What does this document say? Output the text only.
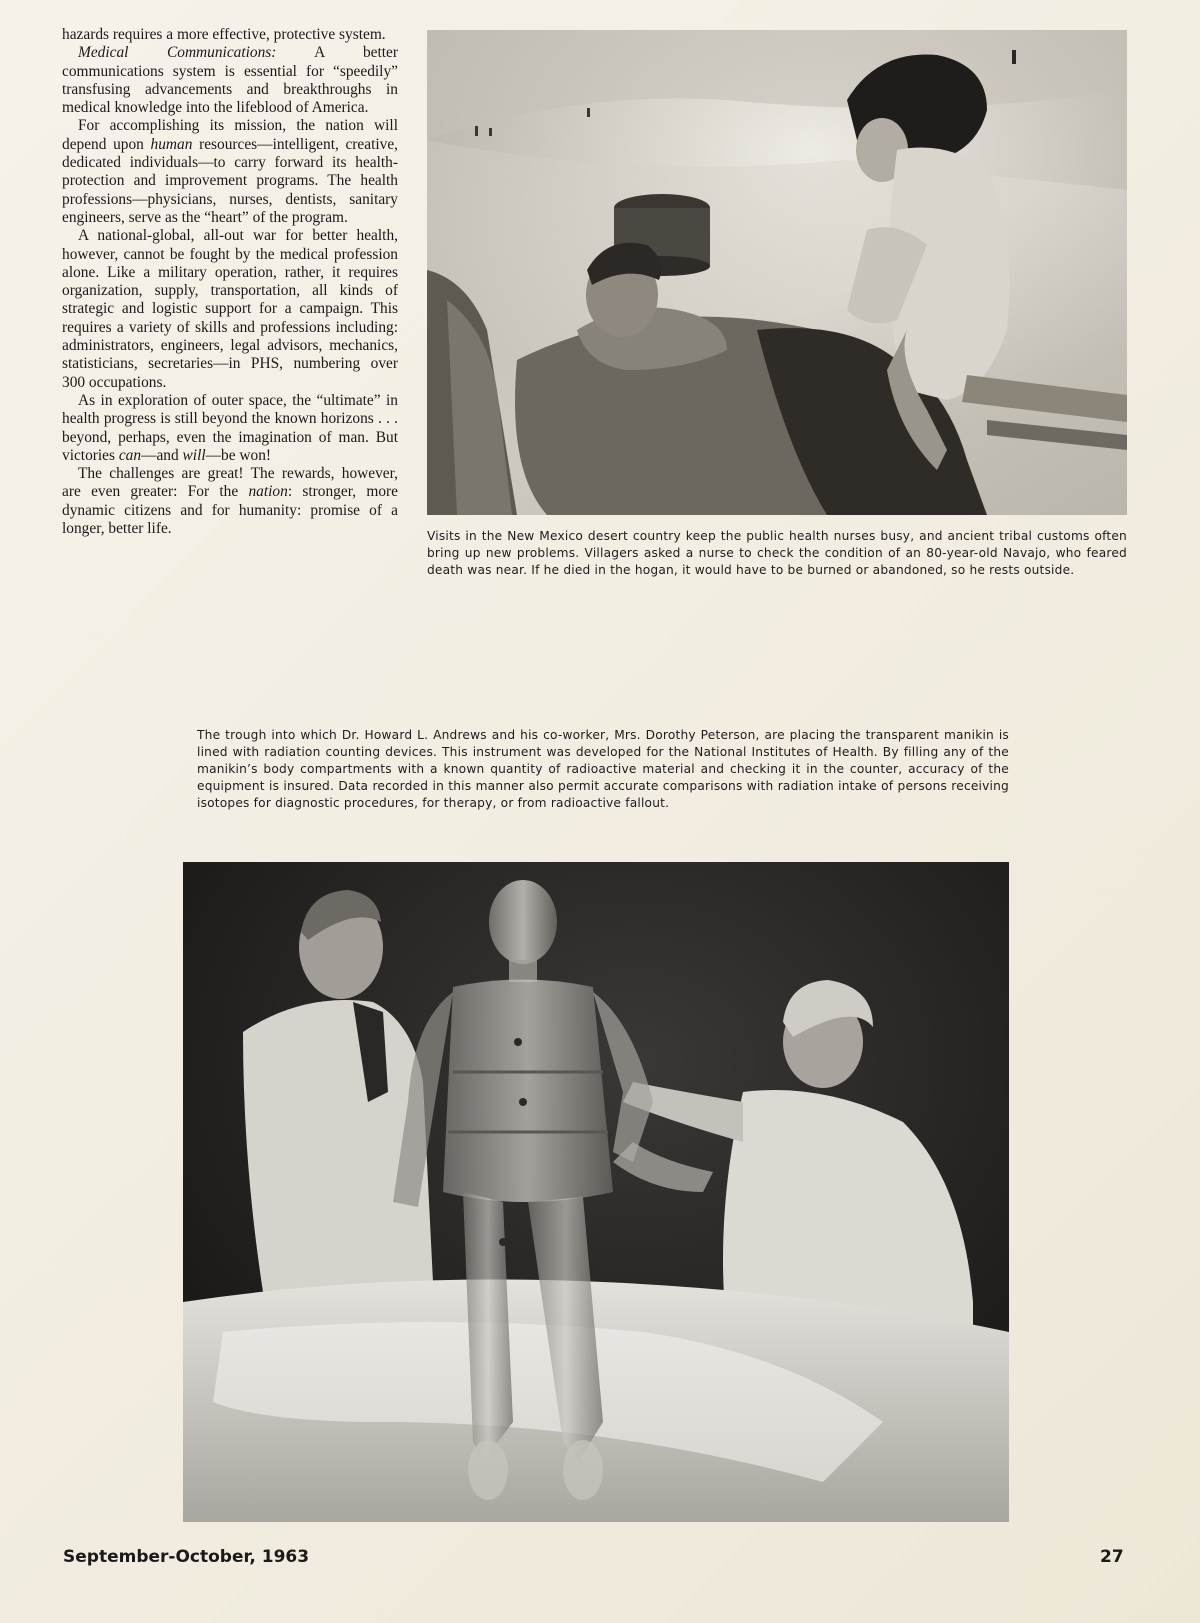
hazards requires a more effective, protective system.

Medical Communications: A better communications system is essential for “speedily” transfusing advancements and breakthroughs in medical knowledge into the lifeblood of America.

For accomplishing its mission, the nation will depend upon human resources—intelligent, creative, dedicated individuals—to carry forward its health-protection and improvement programs. The health professions—physicians, nurses, dentists, sanitary engineers, serve as the “heart” of the program.

A national-global, all-out war for better health, however, cannot be fought by the medical profession alone. Like a military operation, rather, it requires organization, supply, transportation, all kinds of strategic and logistic support for a campaign. This requires a variety of skills and professions including: administrators, engineers, legal advisors, mechanics, statisticians, secretaries—in PHS, numbering over 300 occupations.

As in exploration of outer space, the “ultimate” in health progress is still beyond the known horizons . . . beyond, perhaps, even the imagination of man. But victories can—and will—be won!

The challenges are great! The rewards, however, are even greater: For the nation: stronger, more dynamic citizens and for humanity: promise of a longer, better life.	Visits in the New Mexico desert country keep the public health nurses busy, and ancient tribal customs often bring up new problems. Villagers asked a nurse to check the condition of an 80-year-old Navajo, who feared death was near. If he died in the hogan, it would have to be burned or abandoned, so he rests outside.
The trough into which Dr. Howard L. Andrews and his co-worker, Mrs. Dorothy Peterson, are placing the transparent manikin is lined with radiation counting devices. This instrument was developed for the National Institutes of Health. By filling any of the manikin’s body compartments with a known quantity of radioactive material and checking it in the counter, accuracy of the equipment is insured. Data recorded in this manner also permit accurate comparisons with radiation intake of persons receiving isotopes for diagnostic procedures, for therapy, or from radioactive fallout.
September-October, 1963	27
